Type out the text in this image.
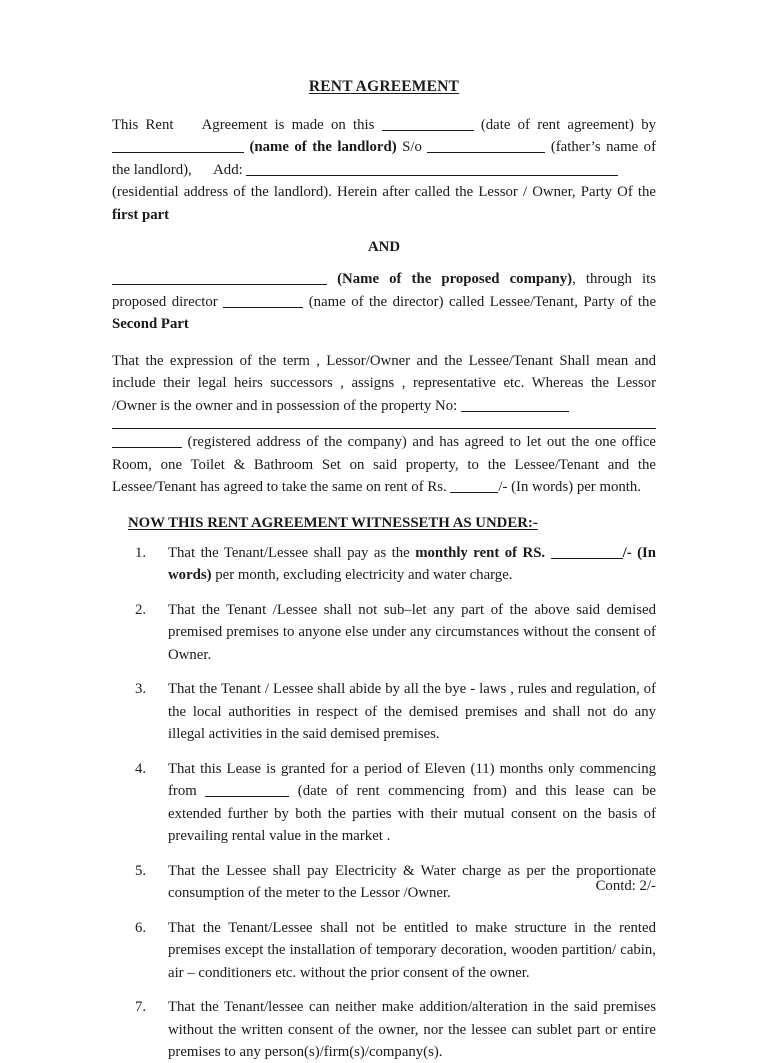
RENT AGREEMENT

This Rent Agreement is made on this	(date of rent agreement) by  (name of the landlord) S/o	(father’s name of the landlord), Add:

(residential address of the landlord). Herein after called the Lessor / Owner, Party Of the first part

AND

(Name of the proposed company), through its proposed director	(name of the director) called Lessee/Tenant, Party of the Second Part

That the expression of the term , Lessor/Owner and the Lessee/Tenant Shall mean and include their legal heirs successors , assigns , representative etc. Whereas the Lessor /Owner is the owner and in possession of the property No:

(registered address of the company) and has agreed to let out the one office Room, one Toilet & Bathroom Set on said property, to the Lessee/Tenant and the Lessee/Tenant has agreed to take the same on rent of Rs.	/- (In words) per month.

NOW THIS RENT AGREEMENT WITNESSETH AS UNDER:-
1.	That the Tenant/Lessee shall pay as the monthly rent of RS.	/- (In words) per month, excluding electricity and water charge.
2.	That the Tenant /Lessee shall not sub–let any part of the above said demised premised premises to anyone else under any circumstances without the consent of Owner.
3.	That the Tenant / Lessee shall abide by all the bye - laws , rules and regulation, of the local authorities in respect of the demised premises and shall not do any illegal activities in the said demised premises.
4.	That this Lease is granted for a period of Eleven (11) months only commencing from	(date of rent commencing from) and this lease can be extended further by both the parties with their mutual consent on the basis of prevailing rental value in the market .
5.	That the Lessee shall pay Electricity & Water charge as per the proportionate consumption of the meter to the Lessor /Owner.
6.	That the Tenant/Lessee shall not be entitled to make structure in the rented premises except the installation of temporary decoration, wooden partition/ cabin, air – conditioners etc. without the prior consent of the owner.
7.	That the Tenant/lessee can neither make addition/alteration in the said premises without the written consent of the owner, nor the lessee can sublet part or entire premises to any person(s)/firm(s)/company(s).
Contd: 2/-
